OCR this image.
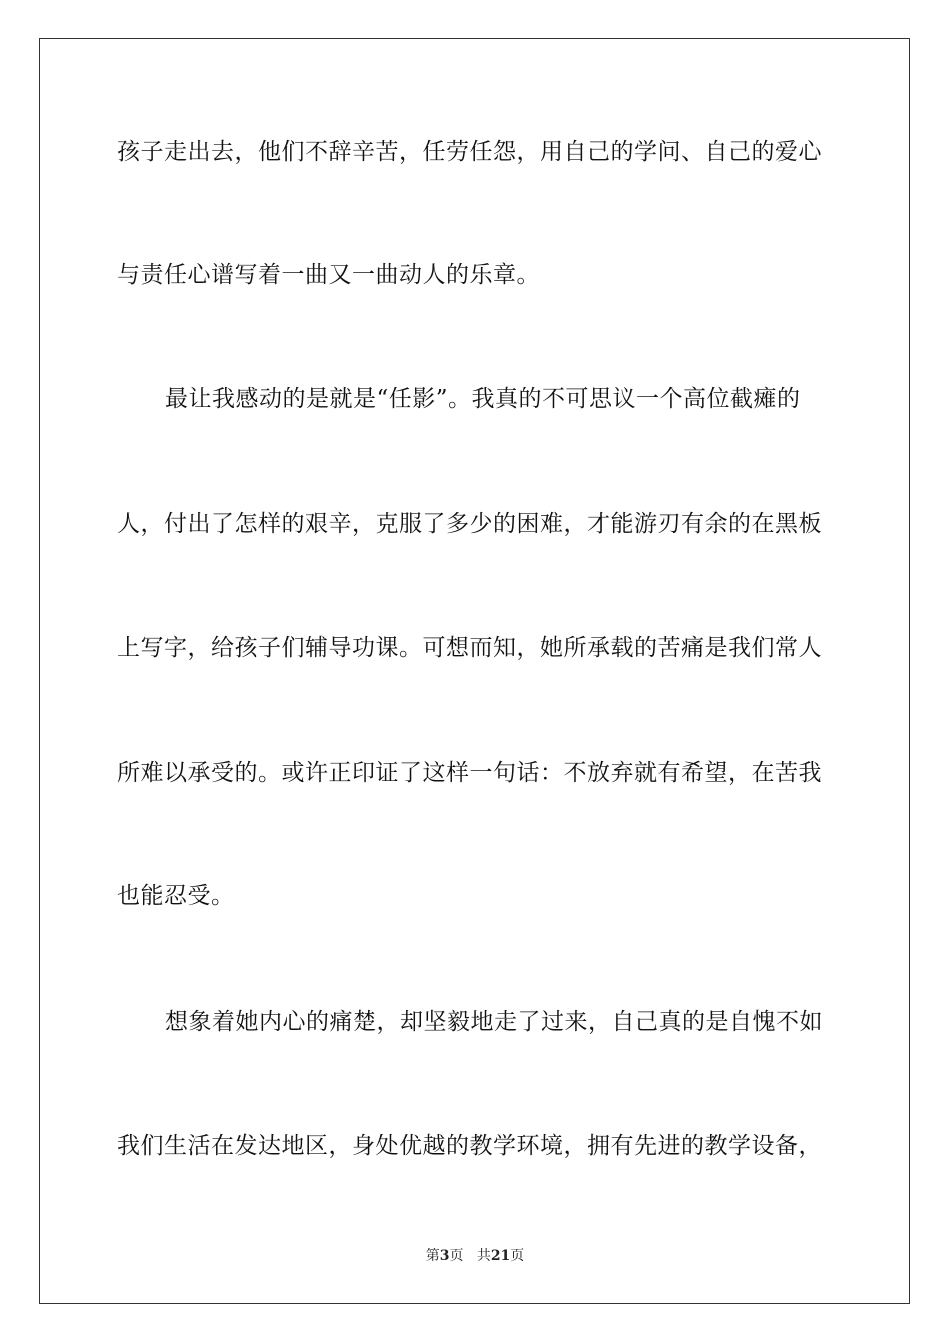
孩子走出去，他们不辞辛苦，任劳任怨，用自己的学问、自己的爱心
与责任心谱写着一曲又一曲动人的乐章。
最让我感动的是就是“任影”。我真的不可思议一个高位截瘫的
人，付出了怎样的艰辛，克服了多少的困难，才能游刃有余的在黑板
上写字，给孩子们辅导功课。可想而知，她所承载的苦痛是我们常人
所难以承受的。或许正印证了这样一句话：不放弃就有希望，在苦我
也能忍受。
想象着她内心的痛楚，却坚毅地走了过来，自己真的是自愧不如
我们生活在发达地区，身处优越的教学环境，拥有先进的教学设备，
第3页 共21页
